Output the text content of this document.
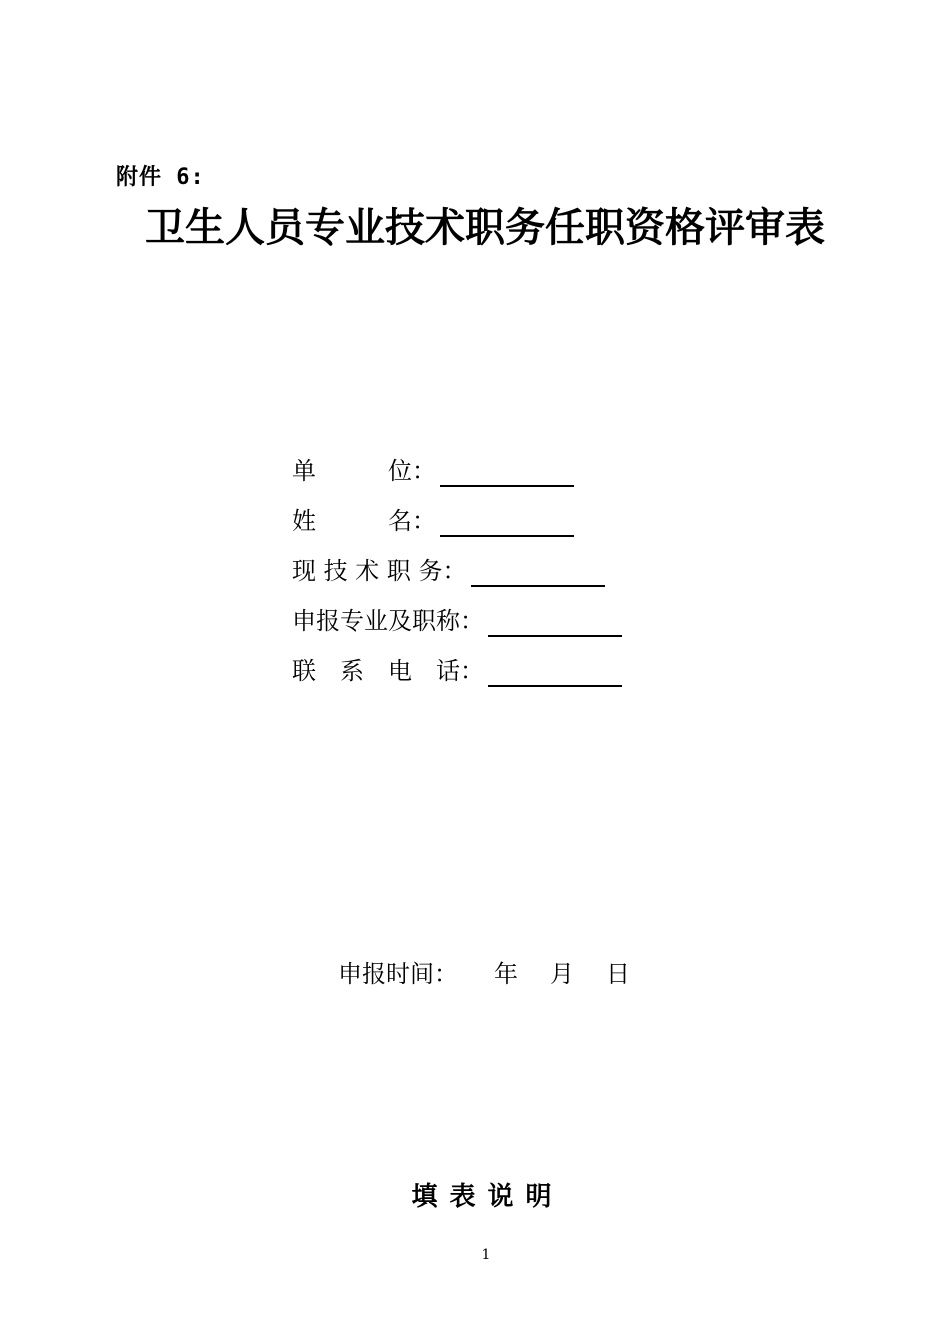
附件 6:
卫生人员专业技术职务任职资格评审表
单　　　位：
姓　　　名：
现 技 术 职 务：
申报专业及职称：
联　系　电　话：
申报时间： 年 月 日
填表说明
1
